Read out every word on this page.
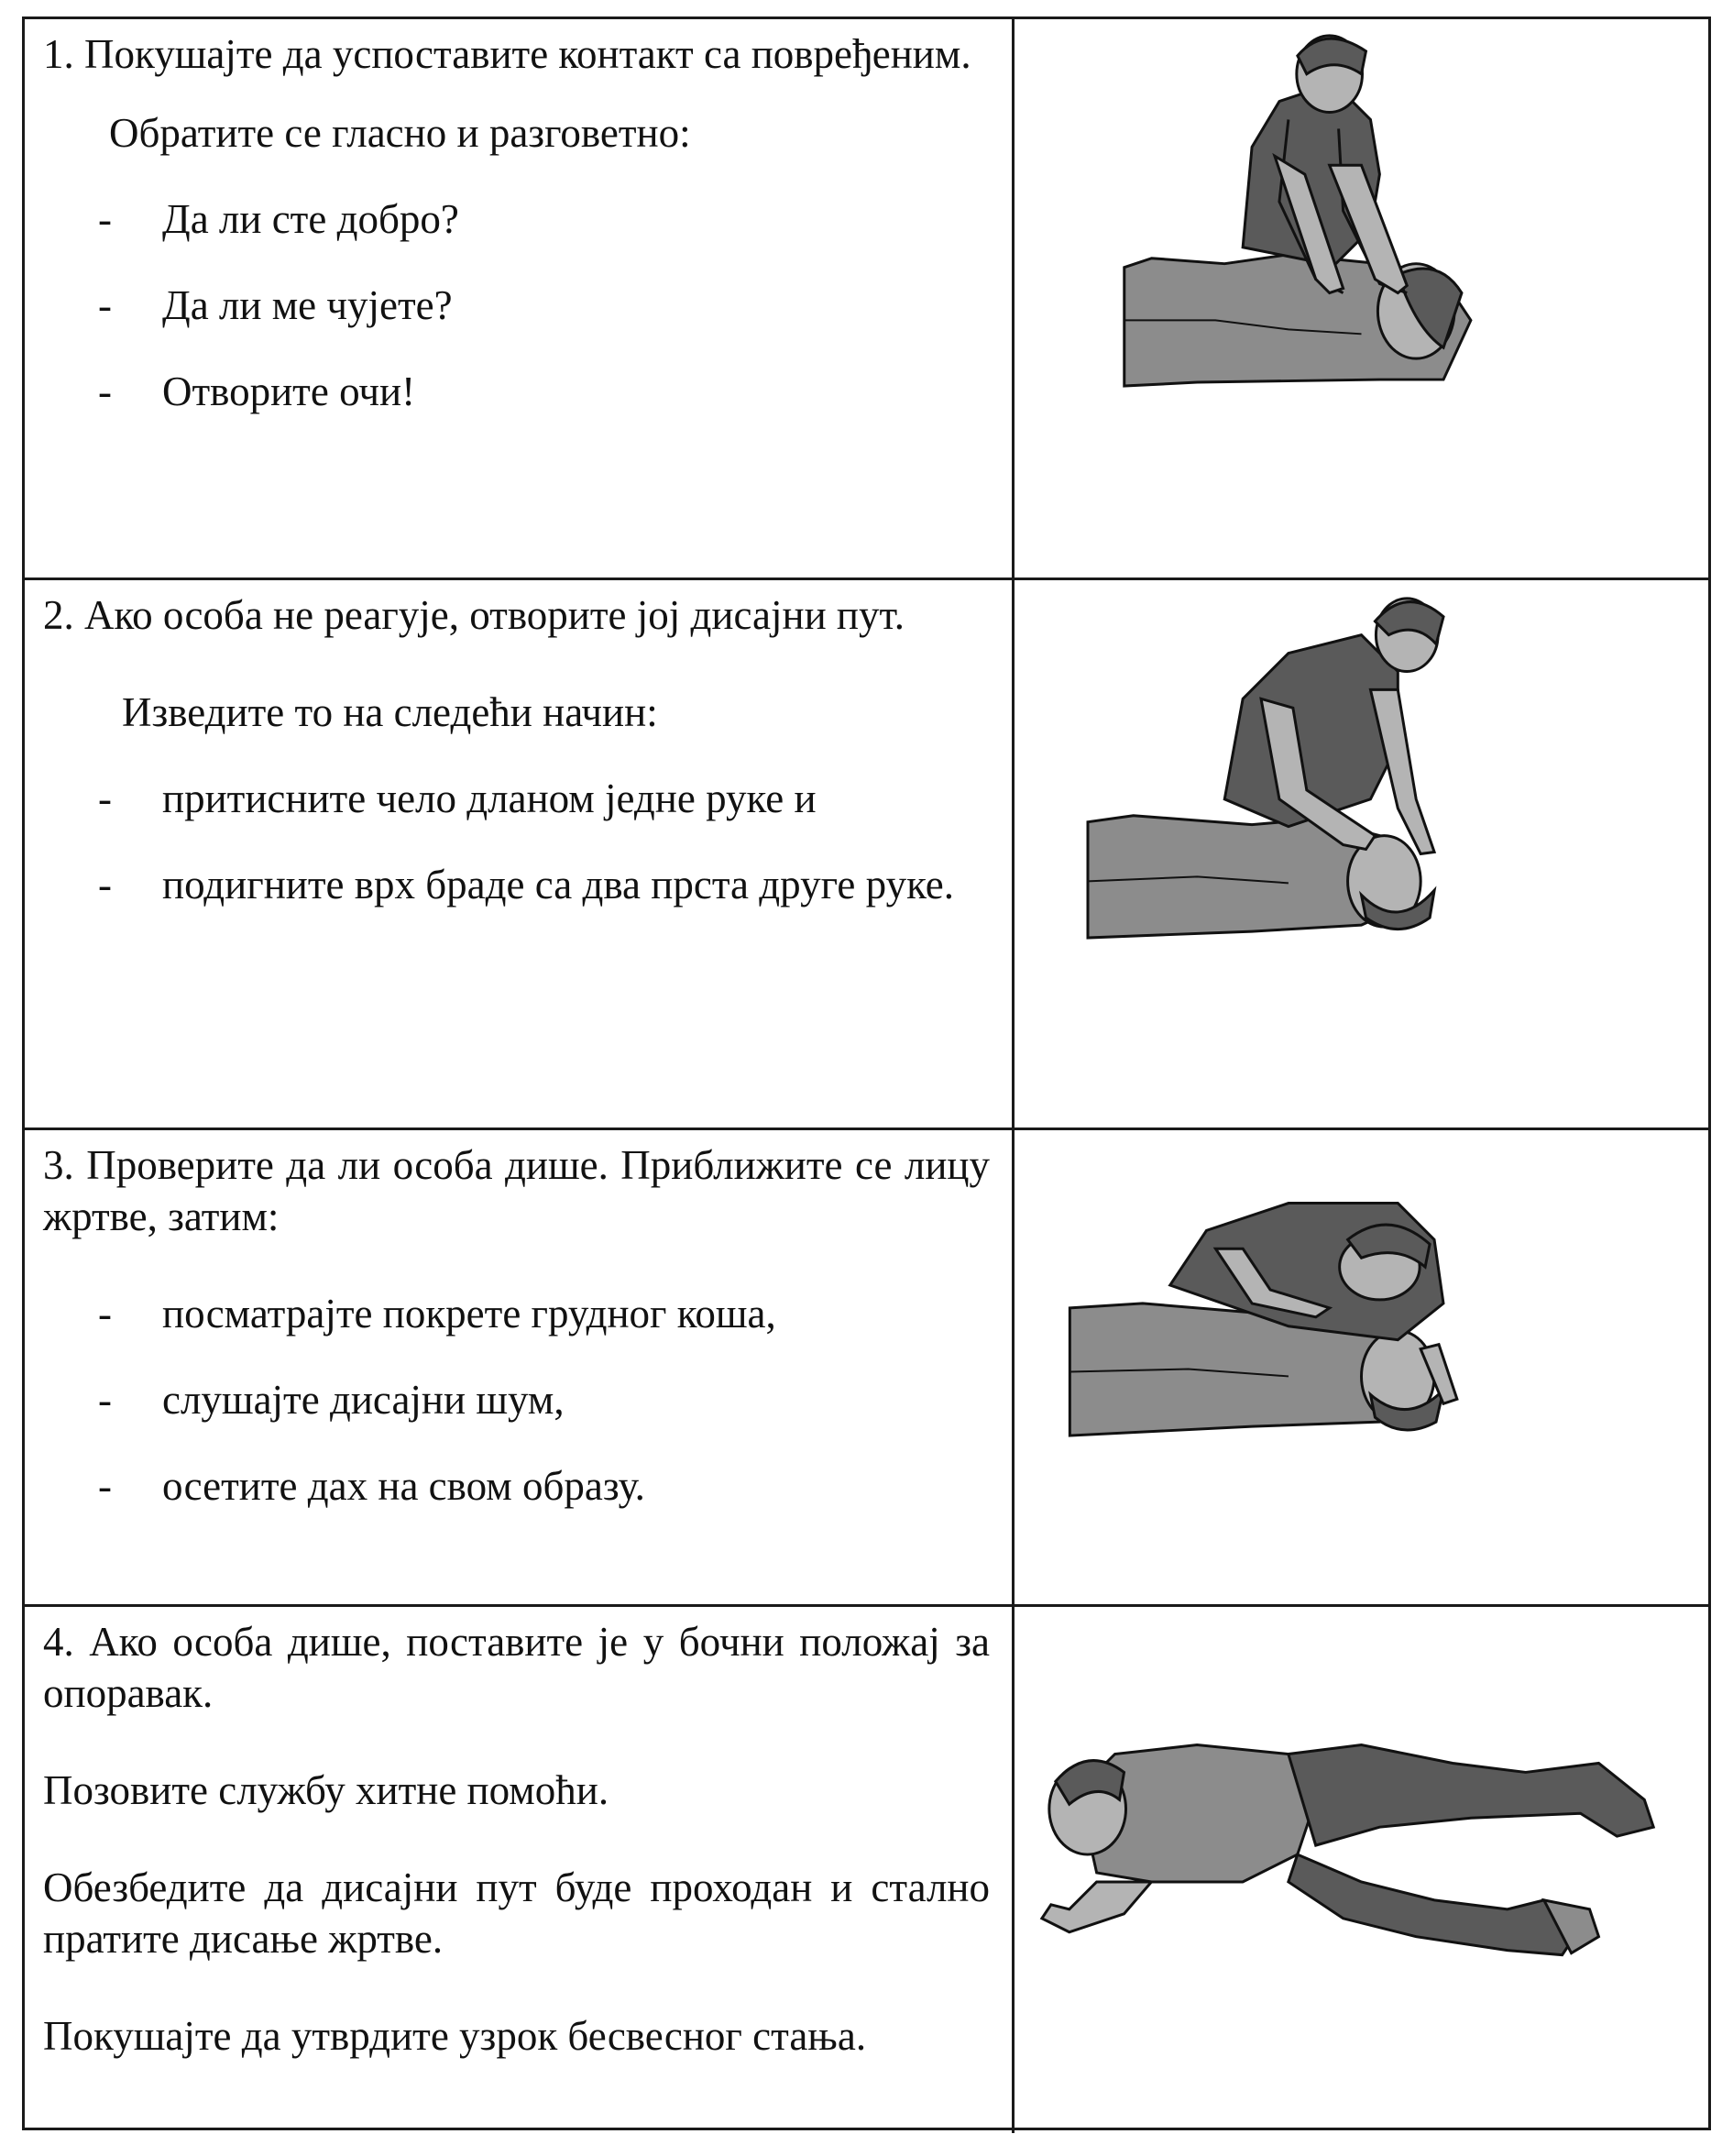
1. Покушајте да успоставите контакт са повређеним.

Обратите се гласно и разговетно:

- Да ли сте добро?
- Да ли ме чујете?
- Отворите очи!

2. Ако особа не реагује, отворите јој дисајни пут.

Изведите то на следећи начин:

- притисните чело дланом једне руке и
- подигните врх браде са два прста друге руке.

3. Проверите да ли особа дише. Приближите се лицу жртве, затим:

- посматрајте покрете грудног коша,
- слушајте дисајни шум,
- осетите дах на свом образу.

4. Ако особа дише, поставите је у бочни положај за опоравак.

Позовите службу хитне помоћи.

Обезбедите да дисајни пут буде проходан и стално пратите дисање жртве.

Покушајте да утврдите узрок бесвесног стања.
